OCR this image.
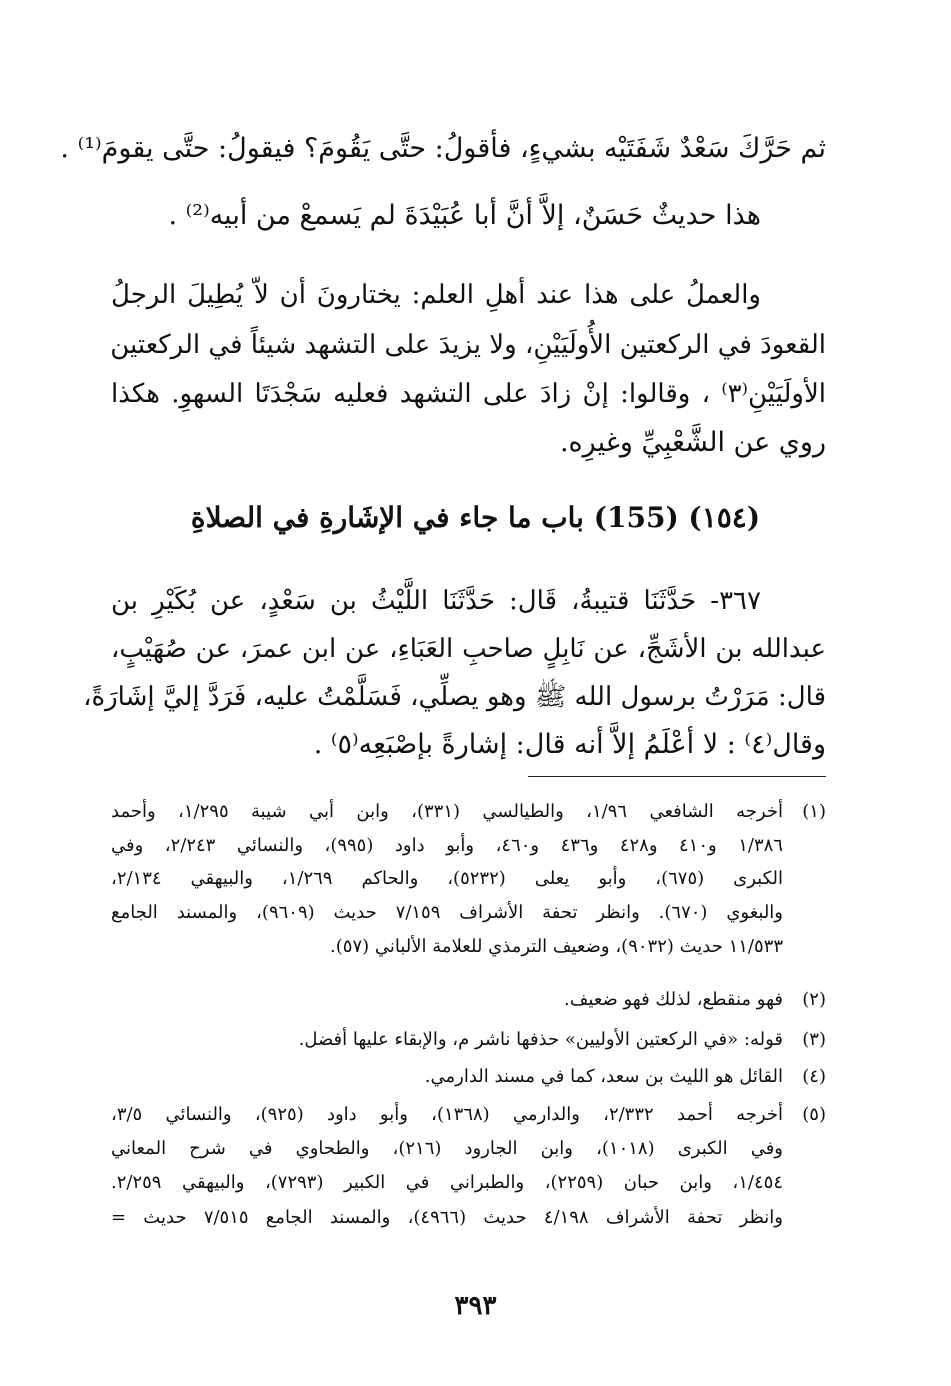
ثم حَرَّكَ سَعْدٌ شَفَتَيْه بشيءٍ، فأقولُ: حتَّى يَقُومَ؟ فيقولُ: حتَّى يقومَ⁽¹⁾ .
هذا حديثٌ حَسَنٌ، إلاَّ أنَّ أبا عُبَيْدَةَ لم يَسمعْ من أبيه⁽²⁾ .
والعملُ على هذا عند أهلِ العلم: يختارونَ أن لاّ يُطِيلَ الرجلُ
القعودَ في الركعتين الأُولَيَيْنِ، ولا يزيدَ على التشهد شيئاً في الركعتين
الأولَيَيْنِ⁽٣⁾ ، وقالوا: إنْ زادَ على التشهد فعليه سَجْدَتَا السهوِ. هكذا
روي عن الشَّعْبِيِّ وغيرِه.
(١٥٤) (155) باب ما جاء في الإشَارةِ في الصلاةِ
٣٦٧- حَدَّثَنَا قتيبةُ، قَال: حَدَّثَنَا اللَّيْثُ بن سَعْدٍ، عن بُكَيْرِ بن
عبدالله بن الأشَجِّ، عن نَابِلٍ صاحبِ العَبَاءِ، عن ابن عمرَ، عن صُهَيْبٍ،
قال: مَرَرْتُ برسول الله ﷺ وهو يصلِّي، فَسَلَّمْتُ عليه، فَرَدَّ إليَّ إشَارَةً،
وقال⁽٤⁾ : لا أعْلَمُ إلاَّ أنه قال: إشارةً بإصْبَعِه⁽٥⁾ .
(١)
أخرجه الشافعي ١/٩٦، والطيالسي (٣٣١)، وابن أبي شيبة ١/٢٩٥، وأحمد
١/٣٨٦ و٤١٠ و٤٢٨ و٤٣٦ و٤٦٠، وأبو داود (٩٩٥)، والنسائي ٢/٢٤٣، وفي
الكبرى (٦٧٥)، وأبو يعلى (٥٢٣٢)، والحاكم ١/٢٦٩، والبيهقي ٢/١٣٤،
والبغوي (٦٧٠). وانظر تحفة الأشراف ٧/١٥٩ حديث (٩٦٠٩)، والمسند الجامع
١١/٥٣٣ حديث (٩٠٣٢)، وضعيف الترمذي للعلامة الألباني (٥٧).
(٢)
فهو منقطع، لذلك فهو ضعيف.
(٣)
قوله: «في الركعتين الأوليين» حذفها ناشر م، والإبقاء عليها أفضل.
(٤)
القائل هو الليث بن سعد، كما في مسند الدارمي.
(٥)
أخرجه أحمد ٢/٣٣٢، والدارمي (١٣٦٨)، وأبو داود (٩٢٥)، والنسائي ٣/٥،
وفي الكبرى (١٠١٨)، وابن الجارود (٢١٦)، والطحاوي في شرح المعاني
١/٤٥٤، وابن حبان (٢٢٥٩)، والطبراني في الكبير (٧٢٩٣)، والبيهقي ٢/٢٥٩.
وانظر تحفة الأشراف ٤/١٩٨ حديث (٤٩٦٦)، والمسند الجامع ٧/٥١٥ حديث =
٣٩٣
